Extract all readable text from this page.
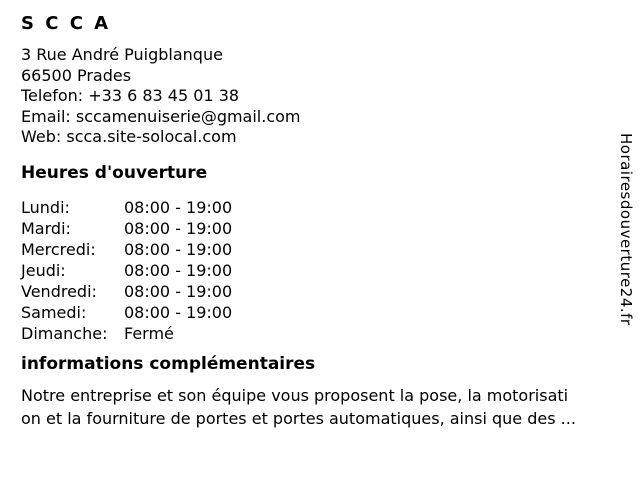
S C C A
3 Rue André Puigblanque
66500 Prades
Telefon: +33 6 83 45 01 38
Email: sccamenuiserie@gmail.com
Web: scca.site-solocal.com
Heures d'ouverture
Lundi:	08:00 - 19:00
Mardi:	08:00 - 19:00
Mercredi:	08:00 - 19:00
Jeudi:	08:00 - 19:00
Vendredi:	08:00 - 19:00
Samedi:	08:00 - 19:00
Dimanche:	Fermé
informations complémentaires
Notre entreprise et son équipe vous proposent la pose, la motorisati
on et la fourniture de portes et portes automatiques, ainsi que des ...
Horairesdouverture24.fr
